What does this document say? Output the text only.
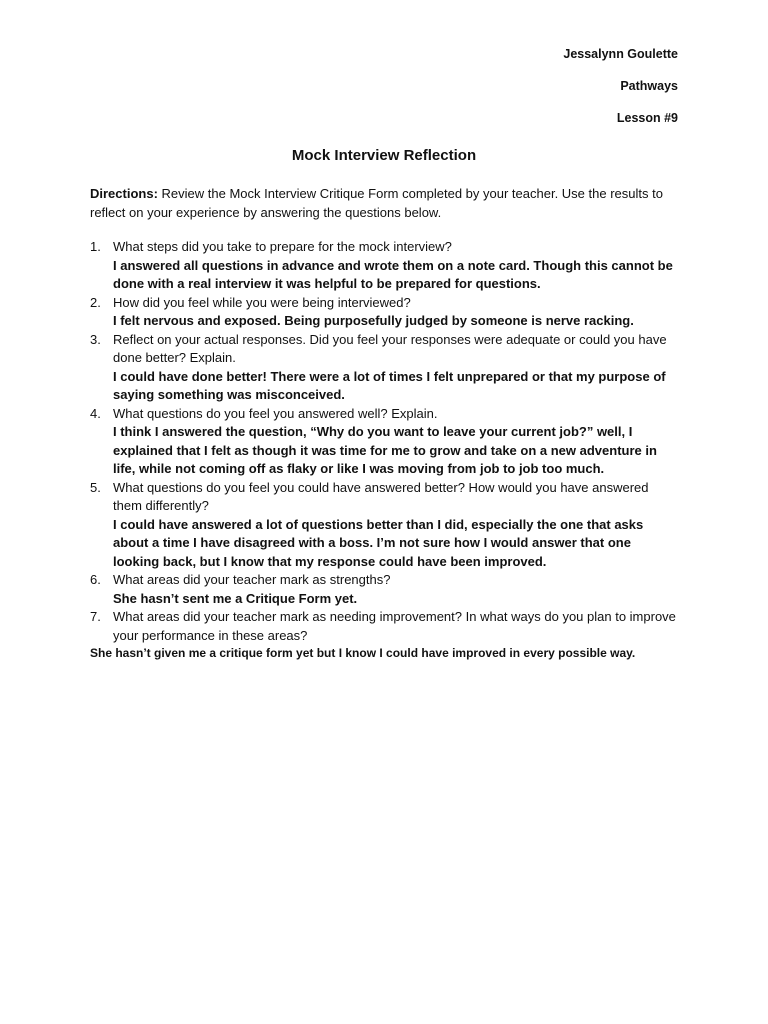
Jessalynn Goulette
Pathways
Lesson #9
Mock Interview Reflection
Directions: Review the Mock Interview Critique Form completed by your teacher. Use the results to reflect on your experience by answering the questions below.
1. What steps did you take to prepare for the mock interview?
I answered all questions in advance and wrote them on a note card. Though this cannot be done with a real interview it was helpful to be prepared for questions.
2. How did you feel while you were being interviewed?
I felt nervous and exposed. Being purposefully judged by someone is nerve racking.
3. Reflect on your actual responses. Did you feel your responses were adequate or could you have done better? Explain.
I could have done better! There were a lot of times I felt unprepared or that my purpose of saying something was misconceived.
4. What questions do you feel you answered well? Explain.
I think I answered the question, “Why do you want to leave your current job?” well, I explained that I felt as though it was time for me to grow and take on a new adventure in life, while not coming off as flaky or like I was moving from job to job too much.
5. What questions do you feel you could have answered better? How would you have answered them differently?
I could have answered a lot of questions better than I did, especially the one that asks about a time I have disagreed with a boss. I’m not sure how I would answer that one looking back, but I know that my response could have been improved.
6. What areas did your teacher mark as strengths?
She hasn’t sent me a Critique Form yet.
7. What areas did your teacher mark as needing improvement? In what ways do you plan to improve your performance in these areas?
She hasn’t given me a critique form yet but I know I could have improved in every possible way.
